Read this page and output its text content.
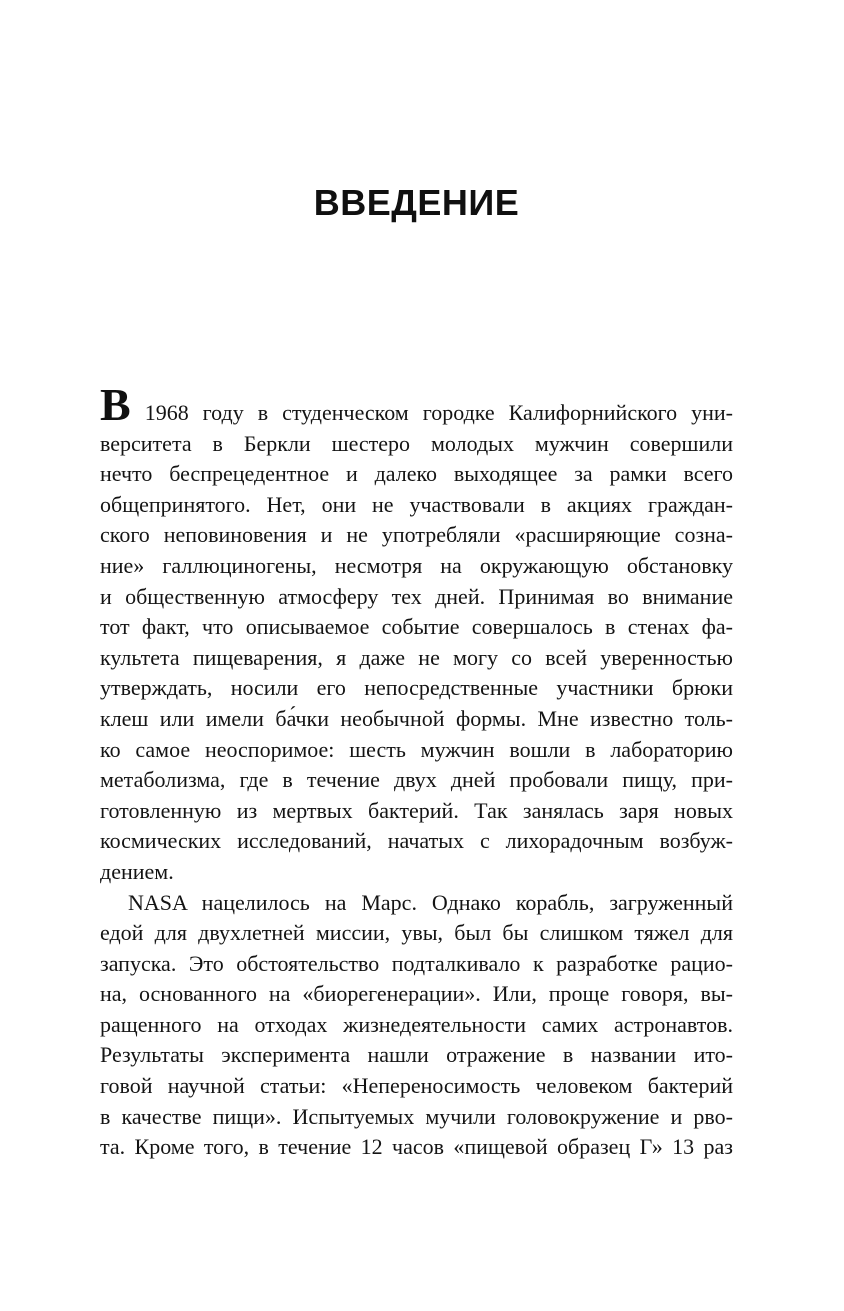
ВВЕДЕНИЕ
В 1968 году в студенческом городке Калифорнийского уни-
верситета в Беркли шестеро молодых мужчин совершили
нечто беспрецедентное и далеко выходящее за рамки всего
общепринятого. Нет, они не участвовали в акциях граждан-
ского неповиновения и не употребляли «расширяющие созна-
ние» галлюциногены, несмотря на окружающую обстановку
и общественную атмосферу тех дней. Принимая во внимание
тот факт, что описываемое событие совершалось в стенах фа-
культета пищеварения, я даже не могу со всей уверенностью
утверждать, носили его непосредственные участники брюки
клеш или имели ба́чки необычной формы. Мне известно толь-
ко самое неоспоримое: шесть мужчин вошли в лабораторию
метаболизма, где в течение двух дней пробовали пищу, при-
готовленную из мертвых бактерий. Так занялась заря новых
космических исследований, начатых с лихорадочным возбуж-
дением.
NASA нацелилось на Марс. Однако корабль, загруженный
едой для двухлетней миссии, увы, был бы слишком тяжел для
запуска. Это обстоятельство подталкивало к разработке рацио-
на, основанного на «биорегенерации». Или, проще говоря, вы-
ращенного на отходах жизнедеятельности самих астронавтов.
Результаты эксперимента нашли отражение в названии ито-
говой научной статьи: «Непереносимость человеком бактерий
в качестве пищи». Испытуемых мучили головокружение и рво-
та. Кроме того, в течение 12 часов «пищевой образец Г» 13 раз
